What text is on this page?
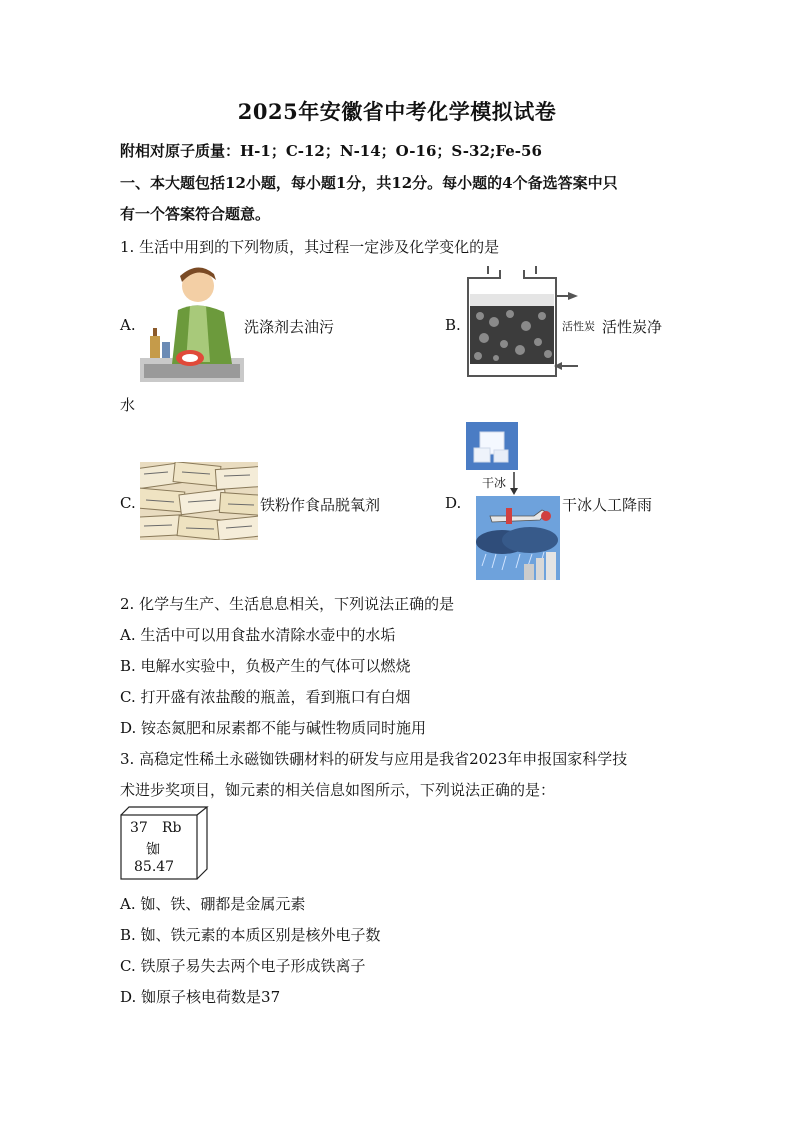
2025年安徽省中考化学模拟试卷
附相对原子质量：H-1；C-12；N-14；O-16；S-32;Fe-56
一、本大题包括12小题，每小题1分，共12分。每小题的4个备选答案中只
有一个答案符合题意。
1. 生活中用到的下列物质，其过程一定涉及化学变化的是
A.	洗涤剂去油污	B.	活性炭 活性炭净
水
C.	铁粉作食品脱氧剂	D.
干冰
干冰人工降雨
2. 化学与生产、生活息息相关，下列说法正确的是
A. 生活中可以用食盐水清除水壶中的水垢
B. 电解水实验中，负极产生的气体可以燃烧
C. 打开盛有浓盐酸的瓶盖，看到瓶口有白烟
D. 铵态氮肥和尿素都不能与碱性物质同时施用
3. 高稳定性稀土永磁铷铁硼材料的研发与应用是我省2023年申报国家科学技
术进步奖项目，铷元素的相关信息如图所示，下列说法正确的是：
37 Rb
铷
85.47
A. 铷、铁、硼都是金属元素
B. 铷、铁元素的本质区别是核外电子数
C. 铁原子易失去两个电子形成铁离子
D. 铷原子核电荷数是37
